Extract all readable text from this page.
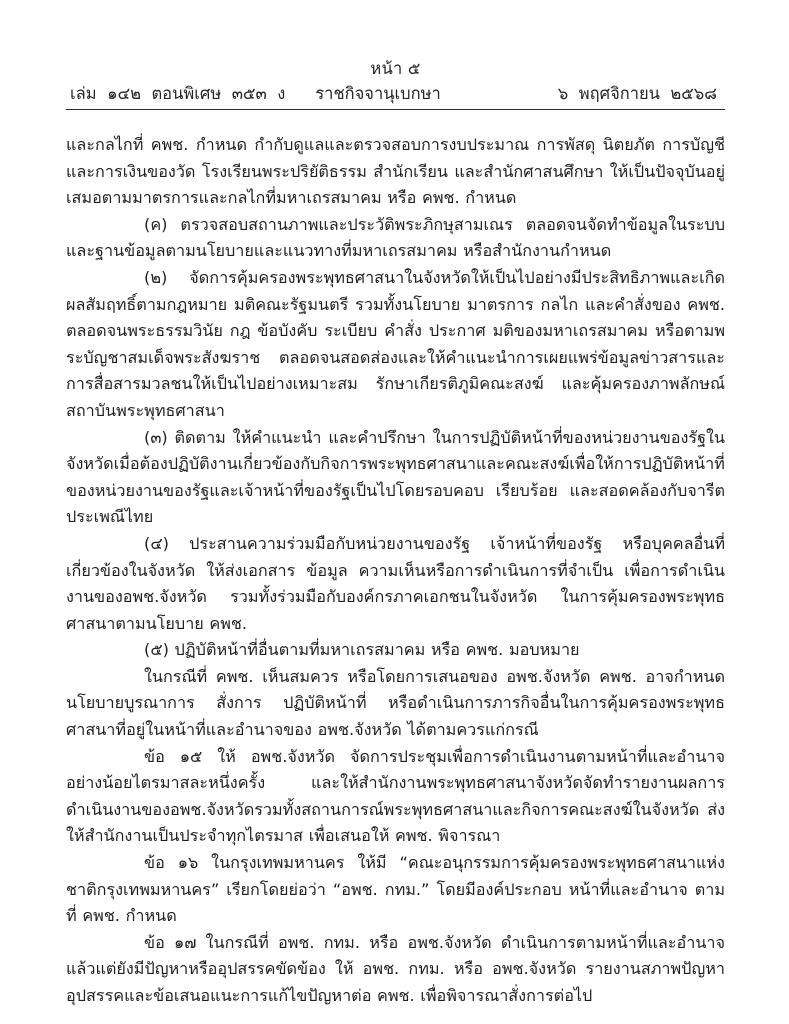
หน้า ๕
เล่ม  ๑๔๒  ตอนพิเศษ  ๓๕๓  ง	ราชกิจจานุเบกษา	๖  พฤศจิกายน  ๒๕๖๘

และกลไกที่ คพช. กำหนด กำกับดูแลและตรวจสอบการงบประมาณ การพัสดุ นิตยภัต การบัญชีและการเงินของวัด โรงเรียนพระปริยัติธรรม สำนักเรียน และสำนักศาสนศึกษา ให้เป็นปัจจุบันอยู่เสมอตามมาตรการและกลไกที่มหาเถรสมาคม หรือ คพช. กำหนด

(ค) ตรวจสอบสถานภาพและประวัติพระภิกษุสามเณร ตลอดจนจัดทำข้อมูลในระบบและฐานข้อมูลตามนโยบายและแนวทางที่มหาเถรสมาคม หรือสำนักงานกำหนด

(๒) จัดการคุ้มครองพระพุทธศาสนาในจังหวัดให้เป็นไปอย่างมีประสิทธิภาพและเกิดผลสัมฤทธิ์ตามกฎหมาย มติคณะรัฐมนตรี รวมทั้งนโยบาย มาตรการ กลไก และคำสั่งของ คพช. ตลอดจนพระธรรมวินัย กฎ ข้อบังคับ ระเบียบ คำสั่ง ประกาศ มติของมหาเถรสมาคม หรือตามพระบัญชาสมเด็จพระสังฆราช ตลอดจนสอดส่องและให้คำแนะนำการเผยแพร่ข้อมูลข่าวสารและการสื่อสารมวลชนให้เป็นไปอย่างเหมาะสม รักษาเกียรติภูมิคณะสงฆ์ และคุ้มครองภาพลักษณ์สถาบันพระพุทธศาสนา

(๓) ติดตาม ให้คำแนะนำ และคำปรึกษา ในการปฏิบัติหน้าที่ของหน่วยงานของรัฐในจังหวัดเมื่อต้องปฏิบัติงานเกี่ยวข้องกับกิจการพระพุทธศาสนาและคณะสงฆ์เพื่อให้การปฏิบัติหน้าที่ของหน่วยงานของรัฐและเจ้าหน้าที่ของรัฐเป็นไปโดยรอบคอบ เรียบร้อย และสอดคล้องกับจารีตประเพณีไทย

(๔) ประสานความร่วมมือกับหน่วยงานของรัฐ เจ้าหน้าที่ของรัฐ หรือบุคคลอื่นที่เกี่ยวข้องในจังหวัด ให้ส่งเอกสาร ข้อมูล ความเห็นหรือการดำเนินการที่จำเป็น เพื่อการดำเนินงานของอพช.จังหวัด รวมทั้งร่วมมือกับองค์กรภาคเอกชนในจังหวัด ในการคุ้มครองพระพุทธศาสนาตามนโยบาย คพช.

(๕) ปฏิบัติหน้าที่อื่นตามที่มหาเถรสมาคม หรือ คพช. มอบหมาย

ในกรณีที่ คพช. เห็นสมควร หรือโดยการเสนอของ อพช.จังหวัด คพช. อาจกำหนดนโยบายบูรณาการ สั่งการ ปฏิบัติหน้าที่ หรือดำเนินการภารกิจอื่นในการคุ้มครองพระพุทธศาสนาที่อยู่ในหน้าที่และอำนาจของ อพช.จังหวัด ได้ตามควรแก่กรณี

ข้อ ๑๕ ให้ อพช.จังหวัด จัดการประชุมเพื่อการดำเนินงานตามหน้าที่และอำนาจ อย่างน้อยไตรมาสละหนึ่งครั้ง และให้สำนักงานพระพุทธศาสนาจังหวัดจัดทำรายงานผลการดำเนินงานของอพช.จังหวัดรวมทั้งสถานการณ์พระพุทธศาสนาและกิจการคณะสงฆ์ในจังหวัด ส่งให้สำนักงานเป็นประจำทุกไตรมาส เพื่อเสนอให้ คพช. พิจารณา

ข้อ ๑๖ ในกรุงเทพมหานคร ให้มี “คณะอนุกรรมการคุ้มครองพระพุทธศาสนาแห่งชาติกรุงเทพมหานคร” เรียกโดยย่อว่า “อพช. กทม.” โดยมีองค์ประกอบ หน้าที่และอำนาจ ตามที่ คพช. กำหนด

ข้อ ๑๗ ในกรณีที่ อพช. กทม. หรือ อพช.จังหวัด ดำเนินการตามหน้าที่และอำนาจแล้วแต่ยังมีปัญหาหรืออุปสรรคขัดข้อง ให้ อพช. กทม. หรือ อพช.จังหวัด รายงานสภาพปัญหาอุปสรรคและข้อเสนอแนะการแก้ไขปัญหาต่อ คพช. เพื่อพิจารณาสั่งการต่อไป
